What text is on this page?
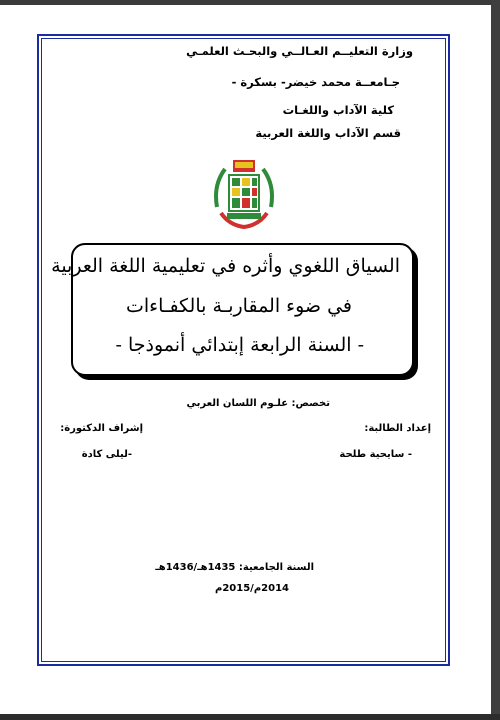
وزارة التعليــم العـالــي والبحـث العلمـي
جـامعــة محمد خيضر- بسكرة -
كلية الآداب واللغـات
قسم الآداب واللغة العربية
السياق اللغوي وأثره في تعليمية اللغة العربية
في ضوء المقاربـة بالكفـاءات
- السنة الرابعة إبتدائي أنموذجا -
تخصص: علـوم اللسان العربي
إعداد الطالبة:
إشراف الدكتورة:
- سايحية طلحة
-ليلى كادة
السنة الجامعية: 1435هـ/1436هـ
2014م/2015م
